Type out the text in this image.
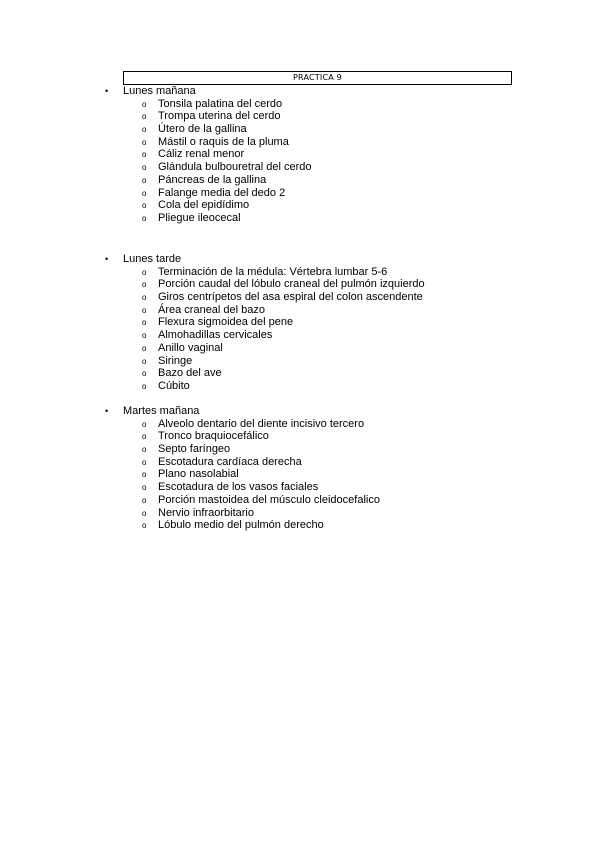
PRACTICA 9
• Lunes mañana
o Tonsila palatina del cerdo
o Trompa uterina del cerdo
o Útero de la gallina
o Mástil o raquis de la pluma
o Cáliz renal menor
o Glándula bulbouretral del cerdo
o Páncreas de la gallina
o Falange media del dedo 2
o Cola del epidídimo
o Pliegue ileocecal
• Lunes tarde
o Terminación de la médula: Vértebra lumbar 5-6
o Porción caudal del lóbulo craneal del pulmón izquierdo
o Giros centrípetos del asa espiral del colon ascendente
o Área craneal del bazo
o Flexura sigmoidea del pene
o Almohadillas cervicales
o Anillo vaginal
o Siringe
o Bazo del ave
o Cúbito
• Martes mañana
o Alveolo dentario del diente incisivo tercero
o Tronco braquiocefálico
o Septo faríngeo
o Escotadura cardíaca derecha
o Plano nasolabial
o Escotadura de los vasos faciales
o Porción mastoidea del músculo cleidocefalico
o Nervio infraorbitario
o Lóbulo medio del pulmón derecho
